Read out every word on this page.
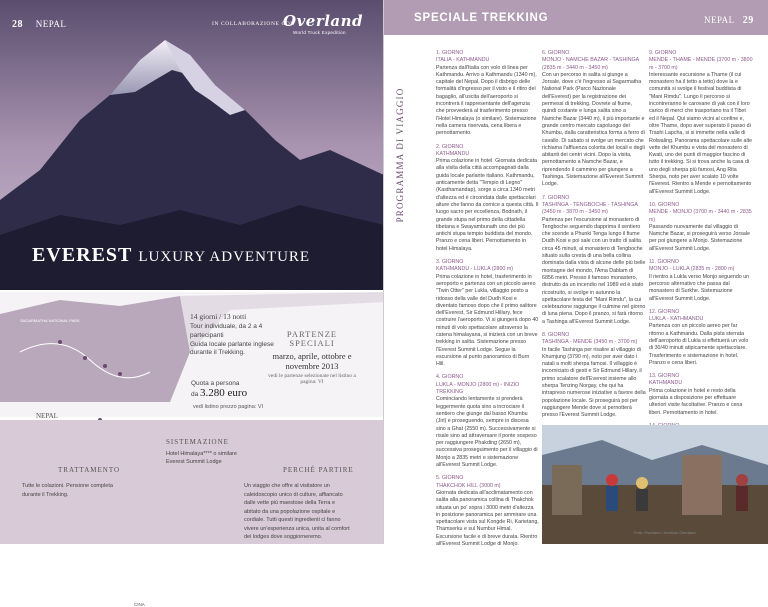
28 NEPAL	IN COLLABORAZIONE CON
Overland
World Truck Expedition
EVEREST LUXURY ADVENTURE
CINA
SAGARMATHA NATIONAL PARK
NEPAL
14 giorni / 13 notti
Tour individuale, da 2 a 4 partecipanti
Guida locale parlante inglese durante il Trekking.
PARTENZE
SPECIALI
marzo, aprile, ottobre e novembre 2013
vedi le partenze selezionate nel listino a pagina: VI
Quota a persona
da 3.280 euro
vedi listino prezzo pagina: VI
SISTEMAZIONE
Hotel Himalaya**** o similare
Everest Summit Lodge
TRATTAMENTO
Tutte le colazioni. Pensione completa durante il Trekking.
PERCHÉ PARTIRE
Un viaggio che offre al visitatore un caleidoscopio unico di culture, affiancato dalle vette più maestose della Terra e abitato da una popolazione ospitale e cordiale. Tutti questi ingredienti ci fanno vivere un'esperienza unica, unita al comfort dei lodges dove soggiorneremo.
SPECIALE TREKKING	NEPAL 29
PROGRAMMA DI VIAGGIO

1. GIORNO
ITALIA - KATHMANDU
Partenza dall'Italia con volo di linea per Kathmandu. Arrivo a Kathmandu (1340 m), capitale del Nepal. Dopo il disbrigo delle formalità d'ingresso per il visto e il ritiro del bagaglio, all'uscita dell'aeroporto si incontrerà il rappresentante dell'agenzia che provvederà al trasferimento presso l'Hotel Himalaya (o similare). Sistemazione nella camera riservata, cena libera e pernottamento.

2. GIORNO
KATHMANDU
Prima colazione in hotel. Giornata dedicata alla visita della città accompagnati dalla guida locale parlante italiano. Kathmandu, anticamente detta "Tempio di Legno" (Kasthamandap), sorge a circa 1340 metri d'altezza ed è circondata dalle spettacolari alture che fanno da cornice a questa città. Il luogo sacro per eccellenza, Bodnath, il grande stupa nel primo della cittadella tibetana e Swayambunath uno dei più antichi stupa tempio buddista del mondo. Pranzo e cena liberi. Pernottamento in hotel Himalaya.

3. GIORNO
KATHMANDU - LUKLA (2800 m)
Prima colazione in hotel, trasferimento in aeroporto e partenza con un piccolo aereo "Twin Otter" per Lukla, villaggio posto a ridosso della valle del Dudh Kosi e diventato famoso dopo che il primo salitore dell'Everest, Sir Edmund Hillary, fece costruire l'aeroporto. Vi si giungerà dopo 40 minuti di volo spettacolare attraverso la catena himalayana, si inizierà con un breve trekking in salita. Sistemazione presso l'Everest Summit Lodge. Segue la escursione al punto panoramico di Burn Hill.

4. GIORNO
LUKLA - MONJO (2800 m) - INIZIO TREKKING
Cominciando lentamente si prenderà leggermente quota sino a incrociare il sentiero che giunge dal basso Khumbu (Jiri) e proseguendo, sempre in discesa sino a Ghat (2550 m). Successivamente si risale sino ad attraversare il ponte sospeso per raggiungere Phakding (2650 m), successiva proseguimento per il villaggio di Monjo a 2835 metri e sistemazione all'Everest Summit Lodge.

5. GIORNO
THAKCHOK HILL (3000 m)
Giornata dedicata all'acclimatamento con salita alla panoramica collina di Thakchok situata un po' sopra i 3000 metri d'altezza in posizione panoramica per ammirare una spettacolare vista sul Kongde Ri, Karietang, Thamserku e sul Numbur Himal. Escursione facile e di breve durata. Rientro all'Everest Summit Lodge di Monjo.

6. GIORNO
MONJO - NAMCHE BAZAR - TASHINGA (2835 m - 3440 m - 3450 m)
Con un percorso in salita si giunge a Jorsale, dove c'è l'ingresso al Sagarmatha National Park (Parco Nazionale dell'Everest) per la registrazione dei permessi di trekking. Dovrete al fiume, quindi costante e lunga salita sino a Namche Bazar (3440 m), il più importante e grande centro mercato capoluogo dei Khumbu, dalla caratteristica forma a ferro di cavallo. Di sabato si svolge un mercato che richiama l'affluenza colorita dei locali e degli abitanti dei centri vicini. Dopo la visita, pernottamento a Namche Bazar, e riprendendo il cammino per giungere a Tashinga. Sistemazione all'Everest Summit Lodge.

7. GIORNO
TASHINGA - TENGBOCHE - TASHINGA (3450 m - 3870 m - 3450 m)
Partenza per l'escursione al monastero di Tengboche seguendo dapprima il sentiero che scende a Phunki Tenga lungo il fiume Dudh Kosi e poi sale con un tratto di salita circa 45 minuti, al monastero di Tengboche situato sulla cresta di una bella collina dominata dalla vista di alcune delle più belle montagne del mondo, l'Ama Dablam di 6856 metri. Presso il famoso monastero, distrutto da un incendio nel 1989 ed è stato ricostruito, si svolge in autunno la spettacolare festa del "Mani Rimdu", la cui celebrazione raggiunge il culmine nel giorno di luna piena. Dopo il pranzo, si farà ritorno a Tashinga all'Everest Summit Lodge.

8. GIORNO
TASHINGA - MENDE (3450 m - 3700 m)
In facile Tashinga per risalire al villaggio di Khumjung (3790 m), noto per aver dato i natali a molti sherpa famosi. Il villaggio è incorniciato di gesti e Sir Edmund Hillary, il primo scalatore dell'Everest insieme allo sherpa Tenzing Norgay, che qui ha intrapreso numerose iniziative a favore della popolazione locale. Si proseguirà poi per raggiungere Mende dove si pernotterà presso l'Everest Summit Lodge.

9. GIORNO
MENDE - THAME - MENDE (3700 m - 3800 m - 3700 m)
Interessante escursione a Thame (il cui monastero ha il tetto a tetto) dove la e comunità si svolge il festival buddista di "Mani Rimdu". Lungo il percorso si incontreranno le carovane di yak con il loro carico di merci che trasportano tra il Tibet ed il Nepal. Qui siamo vicini al confine e, oltre Thame, dopo aver superato il passo di Trashi Lapcha, si si immette nella valle di Rolwaling. Panorama spettacolare sulle alte vette del Khumbu e vista del monastero di Kwati, uno dei punti di maggior fascino di tutto il trekking. Si si trova anche la casa di uno degli sherpa più famosi, Ang Rita Sherpa, noto per aver scalato 10 volte l'Everest. Rientro a Mende e pernottamento all'Everest Summit Lodge.

10. GIORNO
MENDE - MONJO (3700 m - 3440 m - 2835 m)
Passando nuovamente dal villaggio di Namche Bazar, si proseguirà verso Jorsale per poi giungere a Monjo. Sistemazione all'Everest Summit Lodge.

11. GIORNO
MONJO - LUKLA (2835 m - 2800 m)
Il rientro a Lukla verso Monjo seguendo un percorso alternativo che passa dal monastero di Surkhe. Sistemazione all'Everest Summit Lodge.

12. GIORNO
LUKLA - KATHMANDU
Partenza con un piccolo aereo per far ritorno a Kathmandu. Dalla pista sterrata dell'aeroporto di Lukla si effettuerà un volo di 30/40 minuti atipicamente spettacolare. Trasferimento e sistemazione in hotel. Pranzo e cena liberi.

13. GIORNO
KATHMANDU
Prima colazione in hotel e resto della giornata a disposizione per effettuare ulteriori visite facoltative. Pranzo e cena liberi. Pernottamento in hotel.

Foto: Overland • Archivio Overland
